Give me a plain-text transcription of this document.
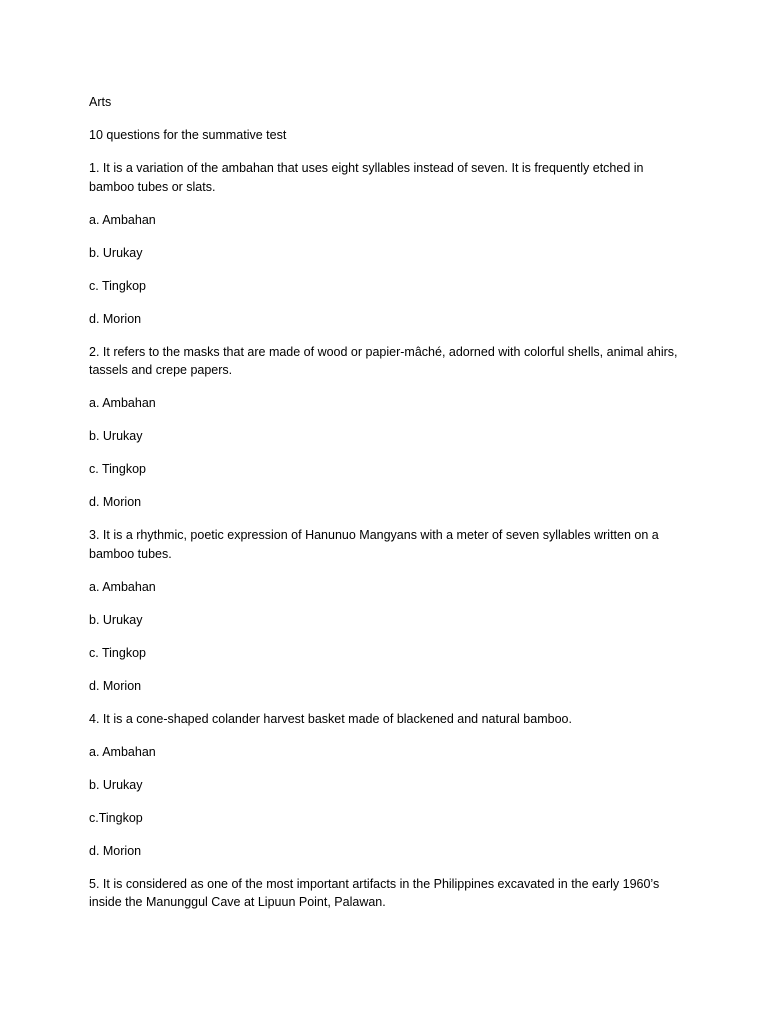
Arts
10 questions for the summative test
1. It is a variation of the ambahan that uses eight syllables instead of seven. It is frequently etched in bamboo tubes or slats.
a. Ambahan
b. Urukay
c. Tingkop
d. Morion
2. It refers to the masks that are made of wood or papier-mâché, adorned with colorful shells, animal ahirs, tassels and crepe papers.
a. Ambahan
b. Urukay
c. Tingkop
d. Morion
3. It is a rhythmic, poetic expression of Hanunuo Mangyans with a meter of seven syllables written on a bamboo tubes.
a. Ambahan
b. Urukay
c. Tingkop
d. Morion
4. It is a cone-shaped colander harvest basket made of blackened and natural bamboo.
a. Ambahan
b. Urukay
c.Tingkop
d. Morion
5. It is considered as one of the most important artifacts in the Philippines excavated in the early 1960’s inside the Manunggul Cave at Lipuun Point, Palawan.
